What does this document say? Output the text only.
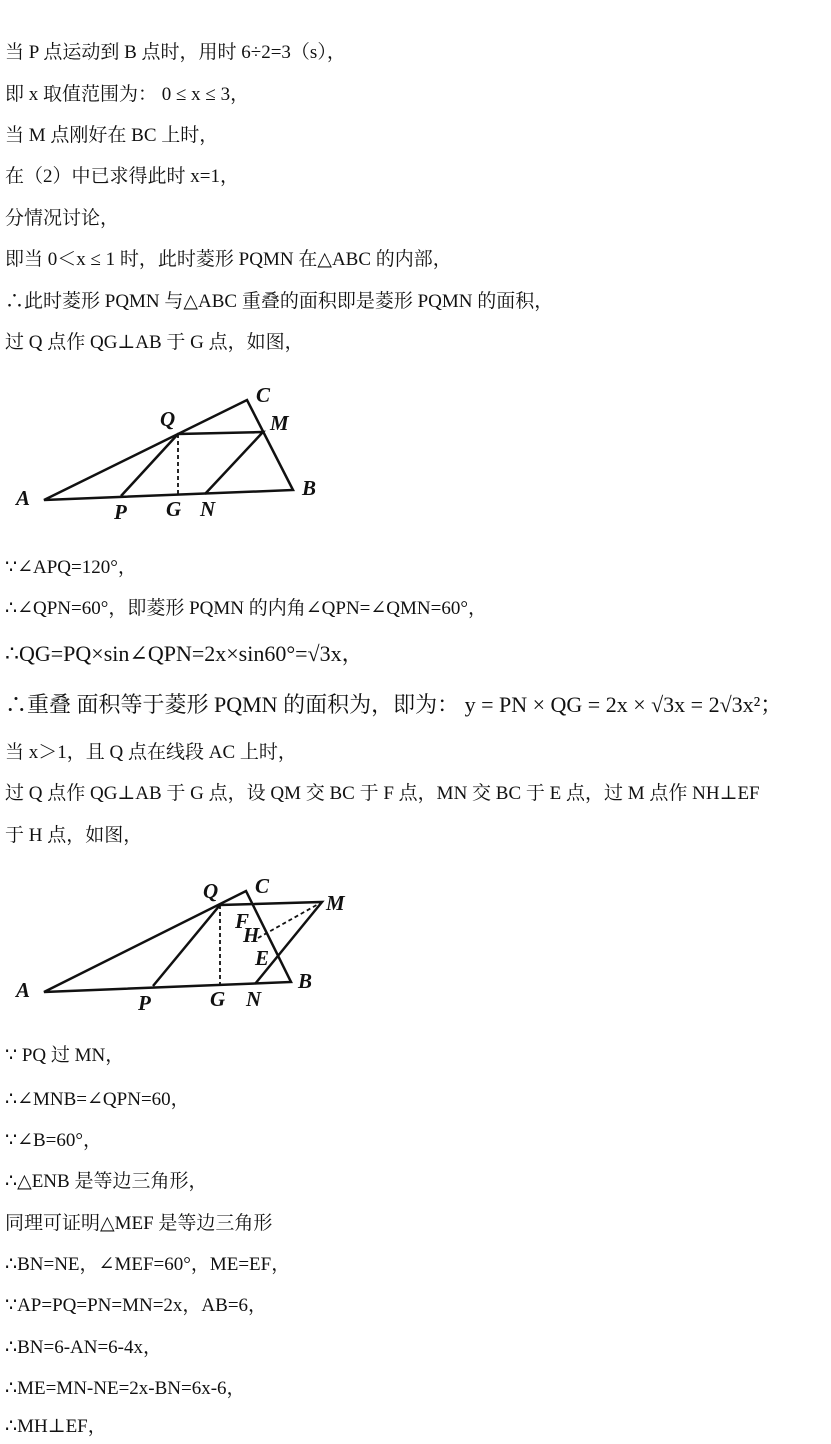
当 P 点运动到 B 点时，用时 6÷2=3（s），
即 x 取值范围为： 0 ≤ x ≤ 3，
当 M 点刚好在 BC 上时，
在（2）中已求得此时 x=1，
分情况讨论，
即当 0＜x ≤ 1 时，此时菱形 PQMN 在△ABC 的内部，
∴此时菱形 PQMN 与△ABC 重叠的面积即是菱形 PQMN 的面积，
过 Q 点作 QG⊥AB 于 G 点，如图，
C
Q	M
A	B
P G N
∵∠APQ=120°，
∴∠QPN=60°，即菱形 PQMN 的内角∠QPN=∠QMN=60°，
∴QG=PQ×sin∠QPN=2x×sin60°=√3x，
∴重叠 面积等于菱形 PQMN 的面积为，即为： y = PN × QG = 2x × √3x = 2√3x²；
当 x＞1，且 Q 点在线段 AC 上时，
过 Q 点作 QG⊥AB 于 G 点，设 QM 交 BC 于 F 点，MN 交 BC 于 E 点，过 M 点作 NH⊥EF
于 H 点，如图，
Q C
M
F
H
E
A	B
P	G N
∵ PQ 过 MN，
∴∠MNB=∠QPN=60，
∵∠B=60°，
∴△ENB 是等边三角形，
同理可证明△MEF 是等边三角形
∴BN=NE，∠MEF=60°，ME=EF，
∵AP=PQ=PN=MN=2x，AB=6，
∴BN=6-AN=6-4x，
∴ME=MN-NE=2x-BN=6x-6，
∴MH⊥EF，
